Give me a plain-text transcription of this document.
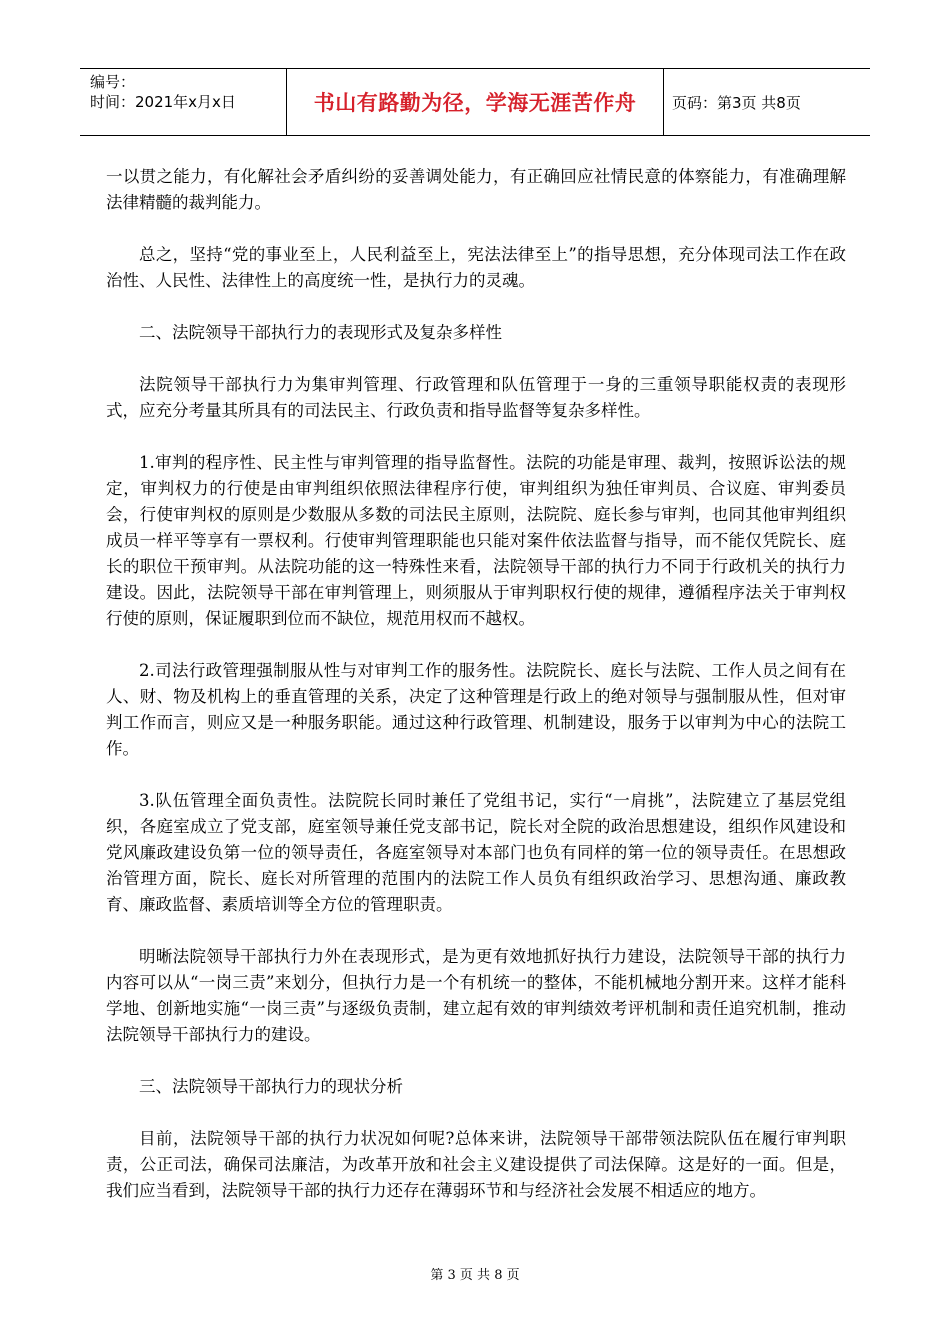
编号：
时间：2021年x月x日	书山有路勤为径，学海无涯苦作舟	页码：第3页 共8页

一以贯之能力，有化解社会矛盾纠纷的妥善调处能力，有正确回应社情民意的体察能力，有准确理解法律精髓的裁判能力。

总之，坚持“党的事业至上，人民利益至上，宪法法律至上”的指导思想，充分体现司法工作在政治性、人民性、法律性上的高度统一性，是执行力的灵魂。

二、法院领导干部执行力的表现形式及复杂多样性

法院领导干部执行力为集审判管理、行政管理和队伍管理于一身的三重领导职能权责的表现形式，应充分考量其所具有的司法民主、行政负责和指导监督等复杂多样性。

1.审判的程序性、民主性与审判管理的指导监督性。法院的功能是审理、裁判，按照诉讼法的规定，审判权力的行使是由审判组织依照法律程序行使，审判组织为独任审判员、合议庭、审判委员会，行使审判权的原则是少数服从多数的司法民主原则，法院院、庭长参与审判，也同其他审判组织成员一样平等享有一票权利。行使审判管理职能也只能对案件依法监督与指导，而不能仅凭院长、庭长的职位干预审判。从法院功能的这一特殊性来看，法院领导干部的执行力不同于行政机关的执行力建设。因此，法院领导干部在审判管理上，则须服从于审判职权行使的规律，遵循程序法关于审判权行使的原则，保证履职到位而不缺位，规范用权而不越权。

2.司法行政管理强制服从性与对审判工作的服务性。法院院长、庭长与法院、工作人员之间有在人、财、物及机构上的垂直管理的关系，决定了这种管理是行政上的绝对领导与强制服从性，但对审判工作而言，则应又是一种服务职能。通过这种行政管理、机制建设，服务于以审判为中心的法院工作。

3.队伍管理全面负责性。法院院长同时兼任了党组书记，实行“一肩挑”，法院建立了基层党组织，各庭室成立了党支部，庭室领导兼任党支部书记，院长对全院的政治思想建设，组织作风建设和党风廉政建设负第一位的领导责任，各庭室领导对本部门也负有同样的第一位的领导责任。在思想政治管理方面，院长、庭长对所管理的范围内的法院工作人员负有组织政治学习、思想沟通、廉政教育、廉政监督、素质培训等全方位的管理职责。

明晰法院领导干部执行力外在表现形式，是为更有效地抓好执行力建设，法院领导干部的执行力内容可以从“一岗三责”来划分，但执行力是一个有机统一的整体，不能机械地分割开来。这样才能科学地、创新地实施“一岗三责”与逐级负责制，建立起有效的审判绩效考评机制和责任追究机制，推动法院领导干部执行力的建设。

三、法院领导干部执行力的现状分析

目前，法院领导干部的执行力状况如何呢?总体来讲，法院领导干部带领法院队伍在履行审判职责，公正司法，确保司法廉洁，为改革开放和社会主义建设提供了司法保障。这是好的一面。但是，我们应当看到，法院领导干部的执行力还存在薄弱环节和与经济社会发展不相适应的地方。

第 3 页 共 8 页
